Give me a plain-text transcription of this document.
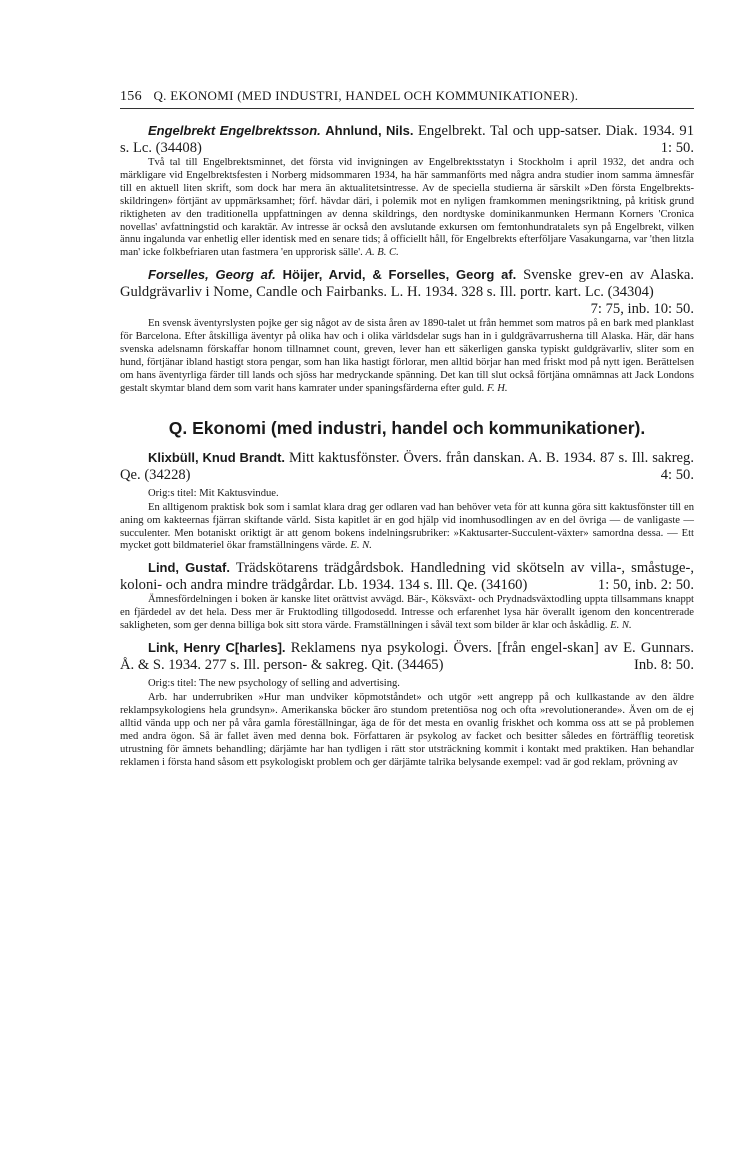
156 Q. EKONOMI (MED INDUSTRI, HANDEL OCH KOMMUNIKATIONER).

Engelbrekt Engelbrektsson. Ahnlund, Nils. Engelbrekt. Tal och upp-satser. Diak. 1934. 91 s. Lc. (34408)	1: 50.

Två tal till Engelbrektsminnet, det första vid invigningen av Engelbrektsstatyn i Stockholm i april 1932, det andra och märkligare vid Engelbrektsfesten i Norberg midsommaren 1934, ha här sammanförts med några andra studier inom samma ämnesfär till en aktuell liten skrift, som dock har mera än aktualitetsintresse. Av de speciella studierna är särskilt »Den första Engelbrekts-skildringen» förtjänt av uppmärksamhet; förf. hävdar däri, i polemik mot en nyligen framkommen meningsriktning, på kritisk grund riktigheten av den traditionella uppfattningen av denna skildrings, den nordtyske dominikanmunken Hermann Korners 'Cronica novellas' avfattningstid och karaktär. Av intresse är också den avslutande exkursen om femtonhundratalets syn på Engelbrekt, vilken ännu ingalunda var enhetlig eller identisk med en senare tids; å officiellt håll, för Engelbrekts efterföljare Vasakungarna, var 'then litzla man' icke folkbefriaren utan fastmera 'en upprorisk sälle'. A. B. C.

Forselles, Georg af. Höijer, Arvid, & Forselles, Georg af. Svenske grev-en av Alaska. Guldgrävarliv i Nome, Candle och Fairbanks. L. H. 1934. 328 s. Ill. portr. kart. Lc. (34304)
7: 75, inb. 10: 50.

En svensk äventyrslysten pojke ger sig något av de sista åren av 1890-talet ut från hemmet som matros på en bark med planklast för Barcelona. Efter åtskilliga äventyr på olika hav och i olika världsdelar sugs han in i guldgrävarrusherna till Alaska. Här, där hans svenska adelsnamn förskaffar honom tillnamnet count, greven, lever han ett säkerligen ganska typiskt guldgrävarliv, sliter som en hund, förtjänar ibland hastigt stora pengar, som han lika hastigt förlorar, men alltid börjar han med friskt mod på nytt igen. Berättelsen om hans äventyrliga färder till lands och sjöss har medryckande spänning. Det kan till slut också förtjäna omnämnas att Jack Londons gestalt skymtar bland dem som varit hans kamrater under spaningsfärderna efter guld. F. H.

Q. Ekonomi (med industri, handel och kommunikationer).

Klixbüll, Knud Brandt. Mitt kaktusfönster. Övers. från danskan. A. B. 1934. 87 s. Ill. sakreg. Qe. (34228)	4: 50.

Orig:s titel: Mit Kaktusvindue.

En alltigenom praktisk bok som i samlat klara drag ger odlaren vad han behöver veta för att kunna göra sitt kaktusfönster till en aning om kakteernas fjärran skiftande värld. Sista kapitlet är en god hjälp vid inomhusodlingen av en del övriga — de vanligaste — succulenter. Men botaniskt oriktigt är att genom bokens indelningsrubriker: »Kaktusarter-Succulent-växter» samordna dessa. — Ett mycket gott bildmateriel ökar framställningens värde. E. N.

Lind, Gustaf. Trädskötarens trädgårdsbok. Handledning vid skötseln av villa-, småstuge-, koloni- och andra mindre trädgårdar. Lb. 1934. 134 s. Ill. Qe. (34160)	1: 50, inb. 2: 50.

Ämnesfördelningen i boken är kanske litet orättvist avvägd. Bär-, Köksväxt- och Prydnadsväxtodling uppta tillsammans knappt en fjärdedel av det hela. Dess mer är Fruktodling tillgodosedd. Intresse och erfarenhet lysa här överallt igenom den koncentrerade sakligheten, som ger denna billiga bok sitt stora värde. Framställningen i såväl text som bilder är klar och åskådlig. E. N.

Link, Henry C[harles]. Reklamens nya psykologi. Övers. [från engel-skan] av E. Gunnars. Å. & S. 1934. 277 s. Ill. person- & sakreg. Qit. (34465)	Inb. 8: 50.

Orig:s titel: The new psychology of selling and advertising.

Arb. har underrubriken »Hur man undviker köpmotståndet» och utgör »ett angrepp på och kullkastande av den äldre reklampsykologiens hela grundsyn». Amerikanska böcker äro stundom pretentiösa nog och ofta »revolutionerande». Även om de ej alltid vända upp och ner på våra gamla föreställningar, äga de för det mesta en ovanlig friskhet och komma oss att se på problemen med andra ögon. Så är fallet även med denna bok. Författaren är psykolog av facket och besitter således en förträfflig teoretisk utrustning för ämnets behandling; därjämte har han tydligen i rätt stor utsträckning kommit i kontakt med praktiken. Han behandlar reklamen i första hand såsom ett psykologiskt problem och ger därjämte talrika belysande exempel: vad är god reklam, prövning av
